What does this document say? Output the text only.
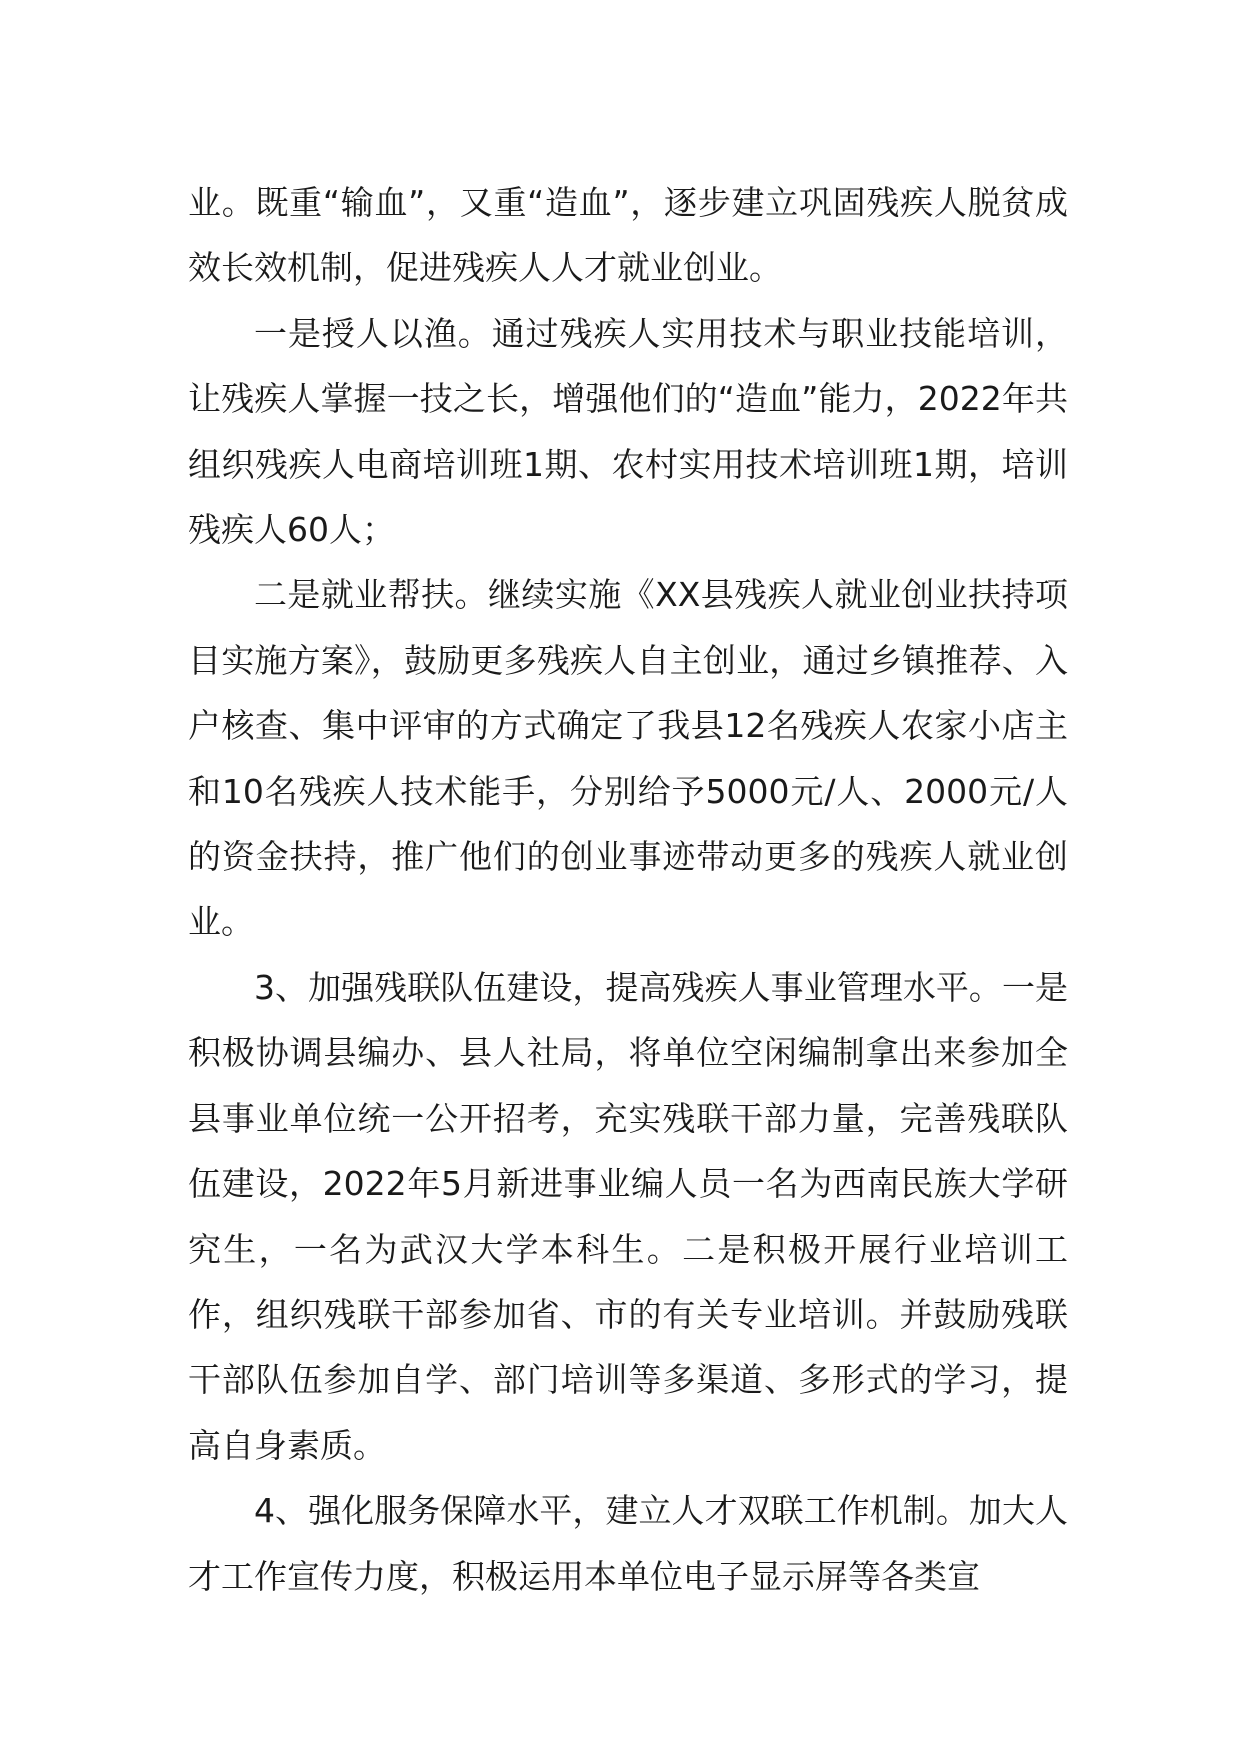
业。既重“输血”，又重“造血”，逐步建立巩固残疾人脱贫成效长效机制，促进残疾人人才就业创业。

一是授人以渔。通过残疾人实用技术与职业技能培训，让残疾人掌握一技之长，增强他们的“造血”能力，2022年共组织残疾人电商培训班1期、农村实用技术培训班1期，培训残疾人60人；

二是就业帮扶。继续实施《XX县残疾人就业创业扶持项目实施方案》，鼓励更多残疾人自主创业，通过乡镇推荐、入户核查、集中评审的方式确定了我县12名残疾人农家小店主和10名残疾人技术能手，分别给予5000元/人、2000元/人的资金扶持，推广他们的创业事迹带动更多的残疾人就业创业。

3、加强残联队伍建设，提高残疾人事业管理水平。一是积极协调县编办、县人社局，将单位空闲编制拿出来参加全县事业单位统一公开招考，充实残联干部力量，完善残联队伍建设，2022年5月新进事业编人员一名为西南民族大学研究生，一名为武汉大学本科生。二是积极开展行业培训工作，组织残联干部参加省、市的有关专业培训。并鼓励残联干部队伍参加自学、部门培训等多渠道、多形式的学习，提高自身素质。

4、强化服务保障水平，建立人才双联工作机制。加大人才工作宣传力度，积极运用本单位电子显示屏等各类宣
